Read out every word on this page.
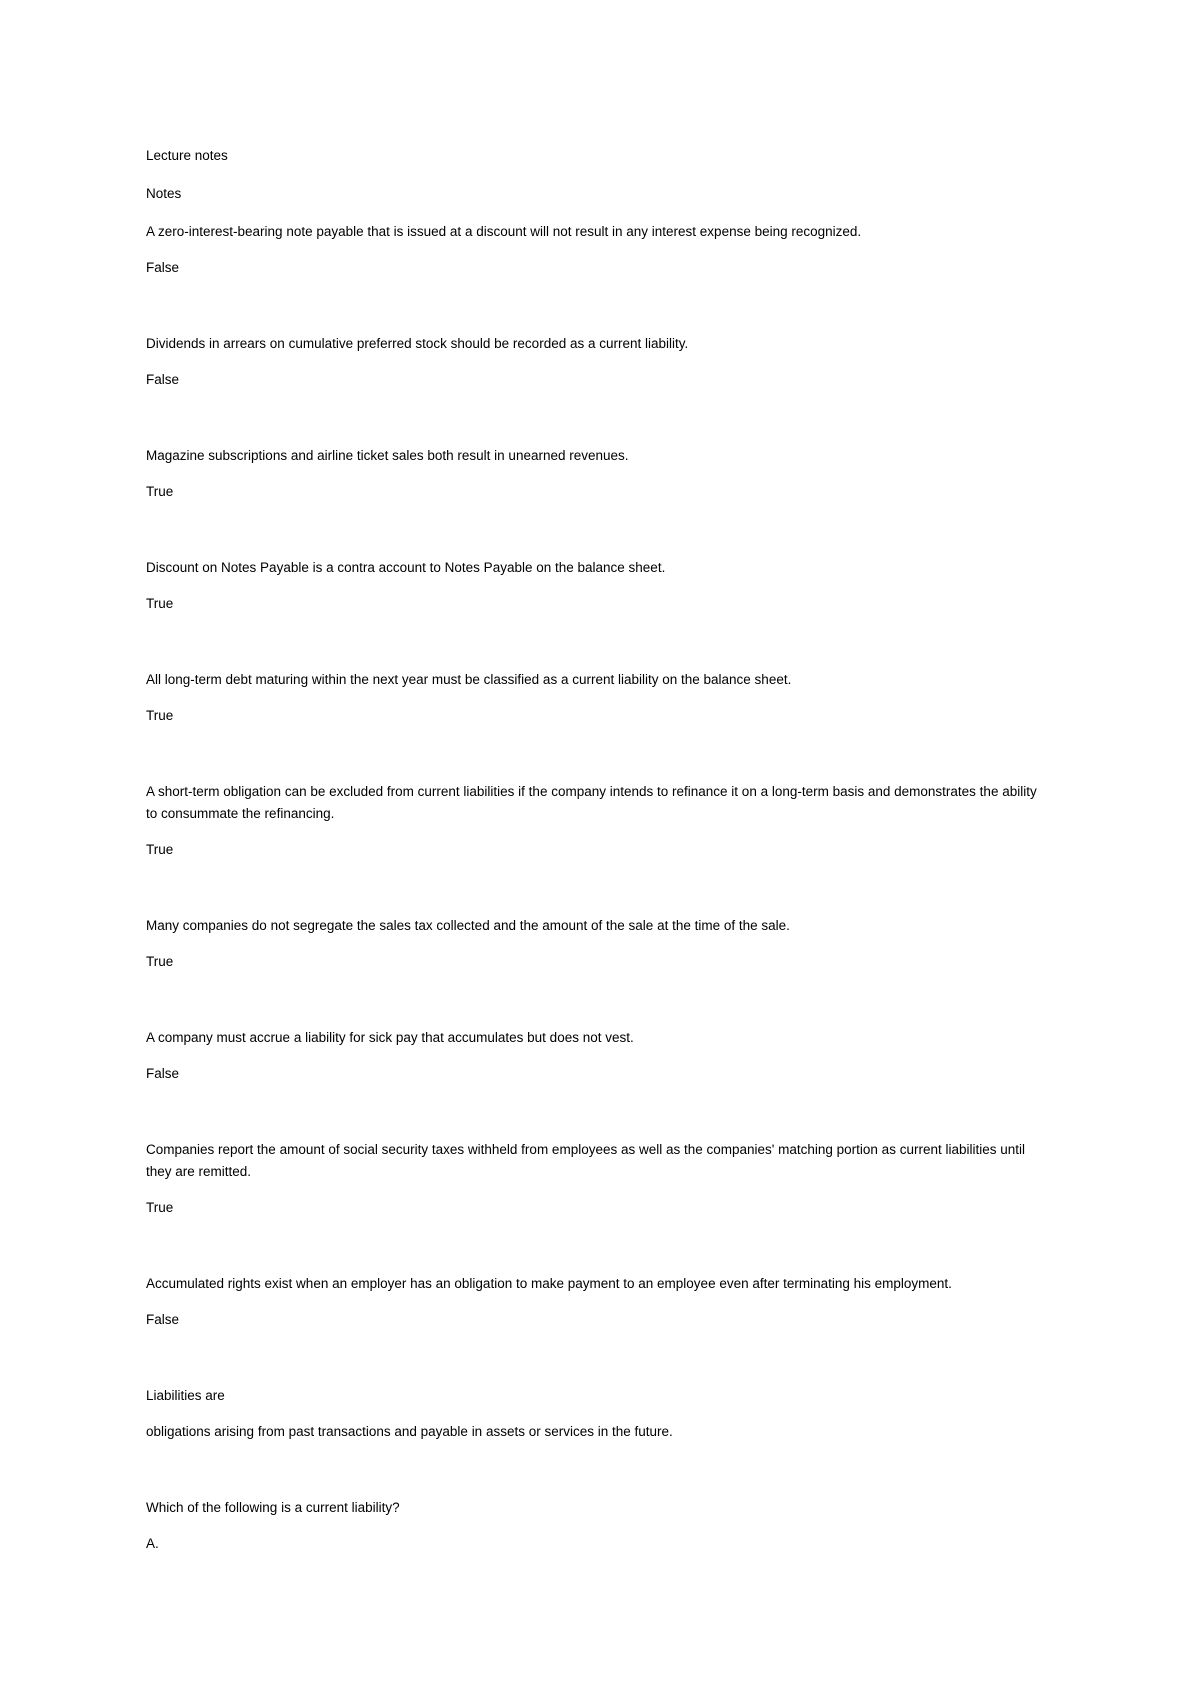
Lecture notes

Notes

A zero-interest-bearing note payable that is issued at a discount will not result in any interest expense being recognized.

False

Dividends in arrears on cumulative preferred stock should be recorded as a current liability.

False

Magazine subscriptions and airline ticket sales both result in unearned revenues.

True

Discount on Notes Payable is a contra account to Notes Payable on the balance sheet.

True

All long-term debt maturing within the next year must be classified as a current liability on the balance sheet.

True

A short-term obligation can be excluded from current liabilities if the company intends to refinance it on a long-term basis and demonstrates the ability to consummate the refinancing.

True

Many companies do not segregate the sales tax collected and the amount of the sale at the time of the sale.

True

A company must accrue a liability for sick pay that accumulates but does not vest.

False

Companies report the amount of social security taxes withheld from employees as well as the companies' matching portion as current liabilities until they are remitted.

True

Accumulated rights exist when an employer has an obligation to make payment to an employee even after terminating his employment.

False

Liabilities are

obligations arising from past transactions and payable in assets or services in the future.

Which of the following is a current liability?

A.
